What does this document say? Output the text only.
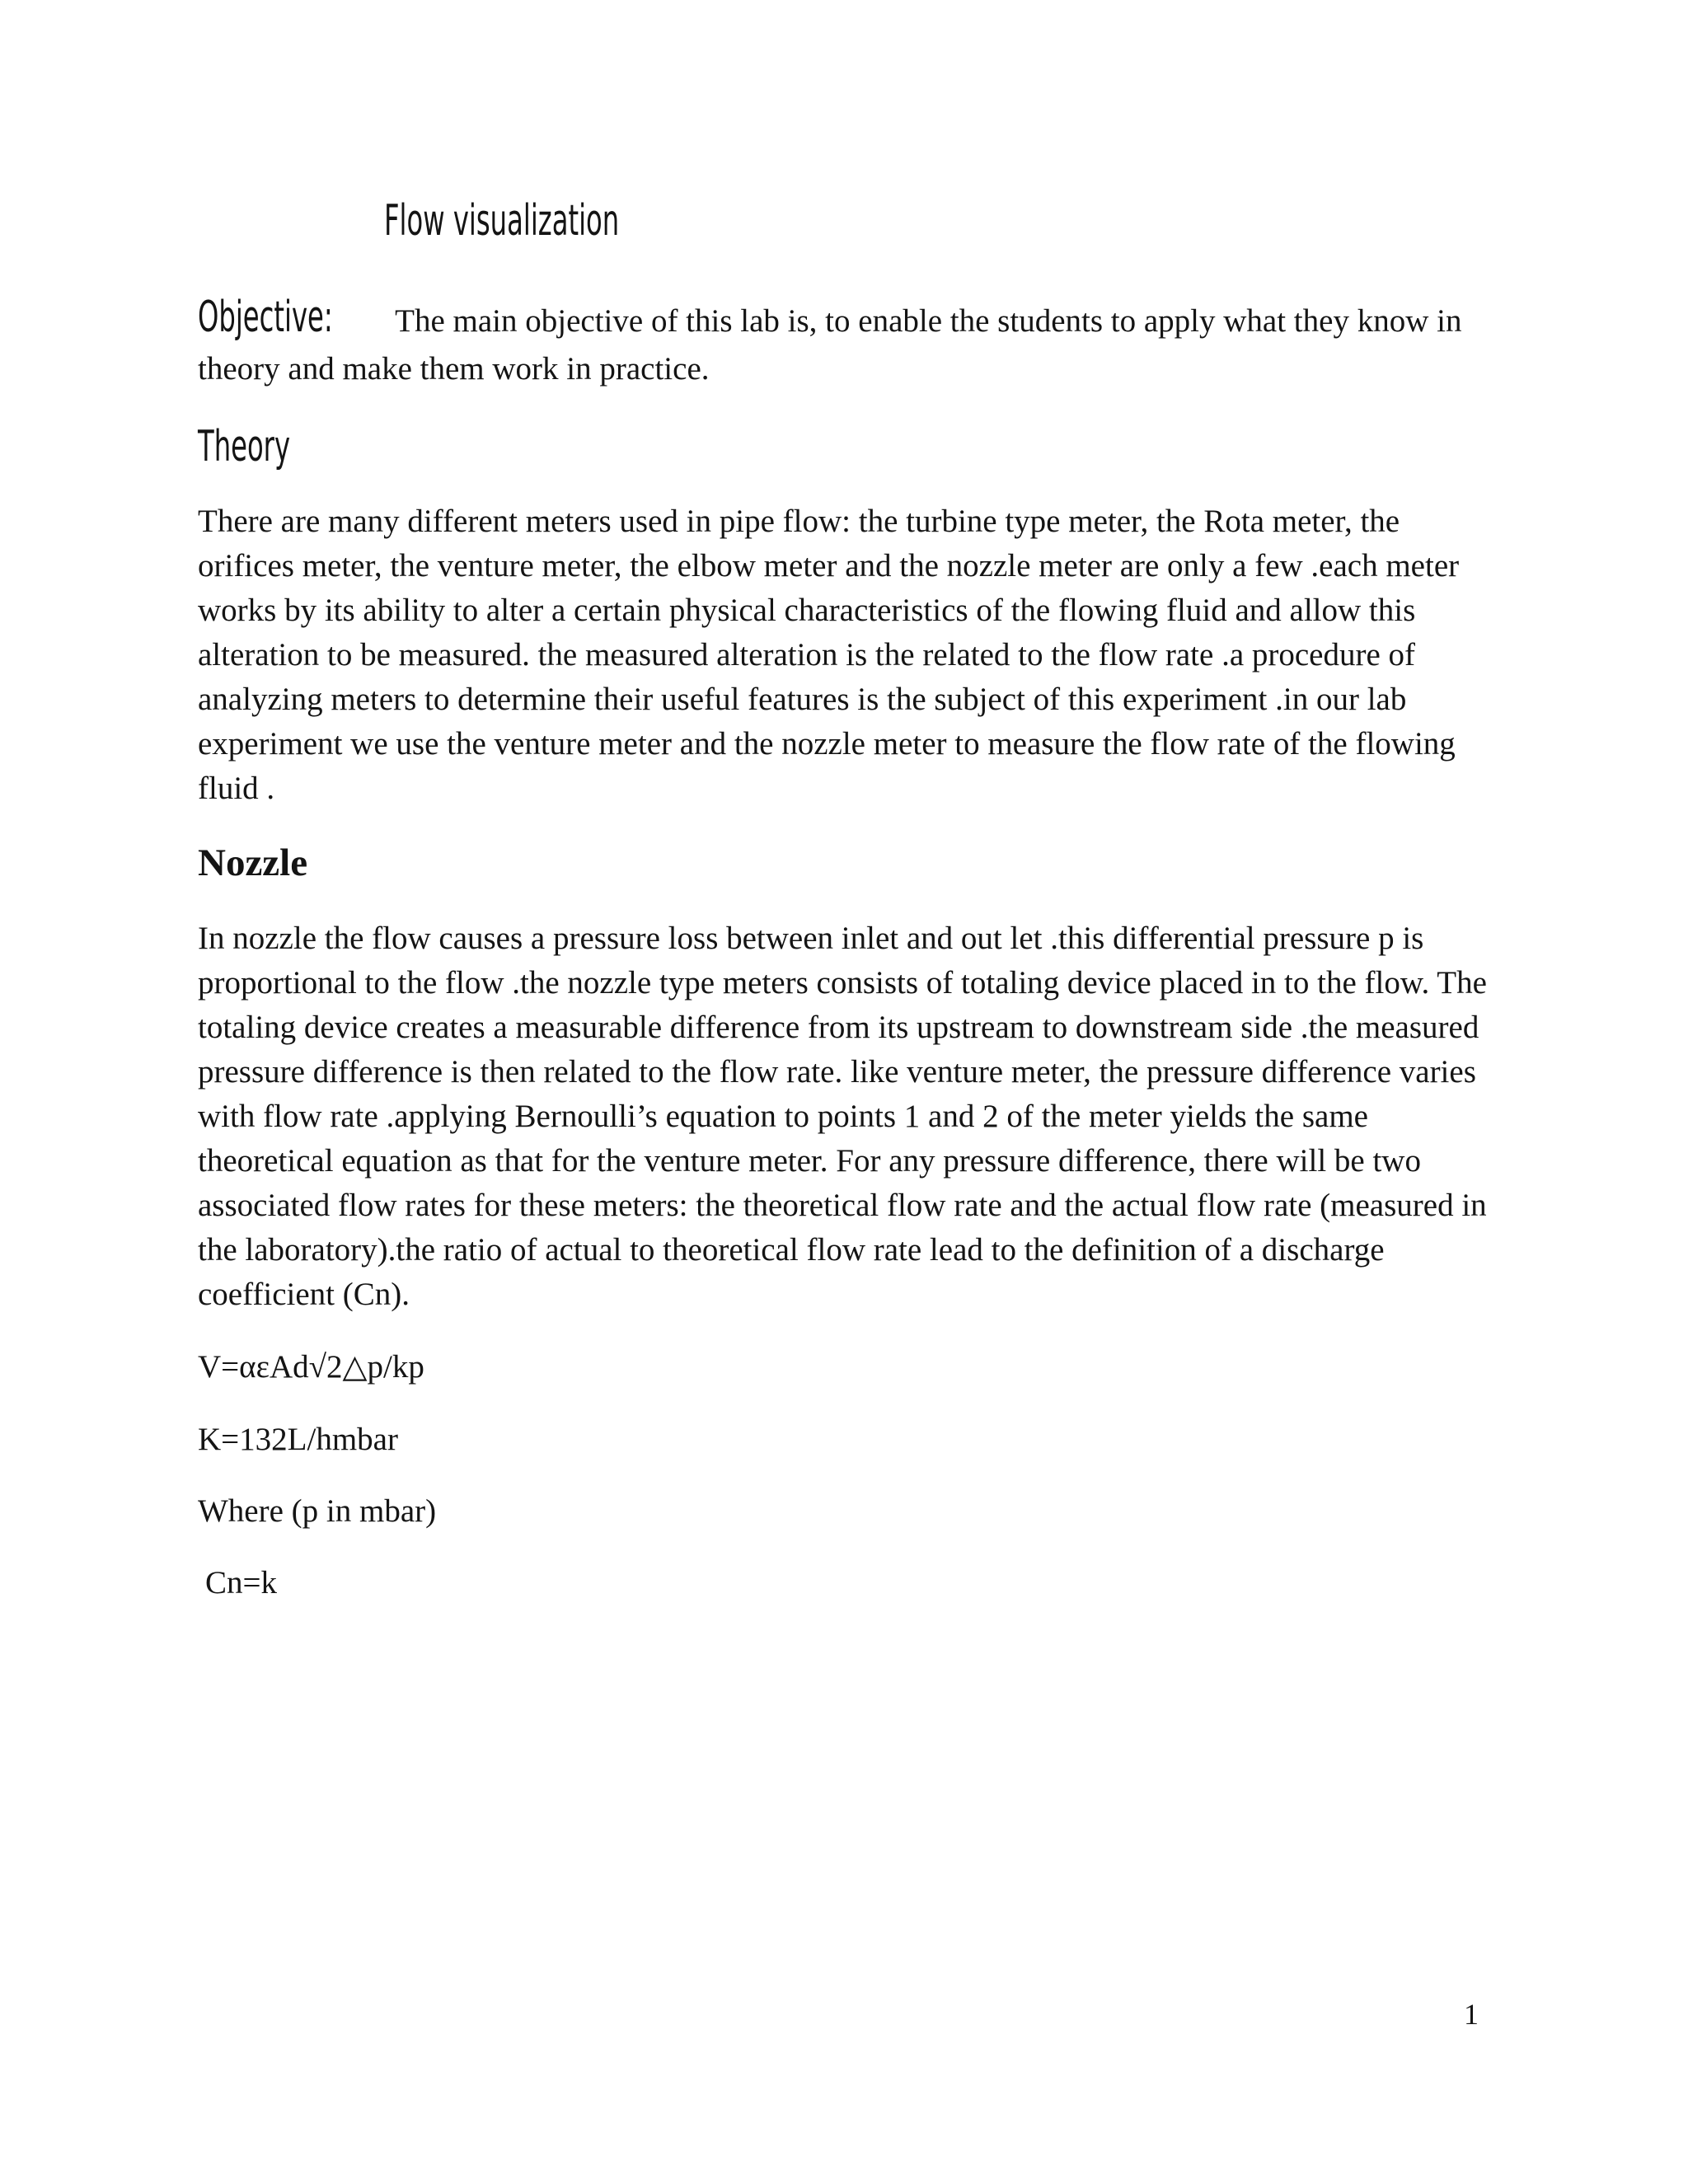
Flow visualization

Objective: The main objective of this lab is, to enable the students to apply what they know in theory and make them work in practice.

Theory

There are many different meters used in pipe flow: the turbine type meter, the Rota meter, the orifices meter, the venture meter, the elbow meter and the nozzle meter are only a few .each meter works by its ability to alter a certain physical characteristics of the flowing fluid and allow this alteration to be measured. the measured alteration is the related to the flow rate .a procedure of analyzing meters to determine their useful features is the subject of this experiment .in our lab experiment we use the venture meter and the nozzle meter to measure the flow rate of the flowing fluid .

Nozzle

In nozzle the flow causes a pressure loss between inlet and out let .this differential pressure p is proportional to the flow .the nozzle type meters consists of totaling device placed in to the flow. The totaling device creates a measurable difference from its upstream to downstream side .the measured pressure difference is then related to the flow rate. like venture meter, the pressure difference varies with flow rate .applying Bernoulli’s equation to points 1 and 2 of the meter yields the same theoretical equation as that for the venture meter. For any pressure difference, there will be two associated flow rates for these meters: the theoretical flow rate and the actual flow rate (measured in the laboratory).the ratio of actual to theoretical flow rate lead to the definition of a discharge coefficient (Cn).

V=αεAd√2△p/kp

K=132L/hmbar

Where (p in mbar)

Cn=k

1
